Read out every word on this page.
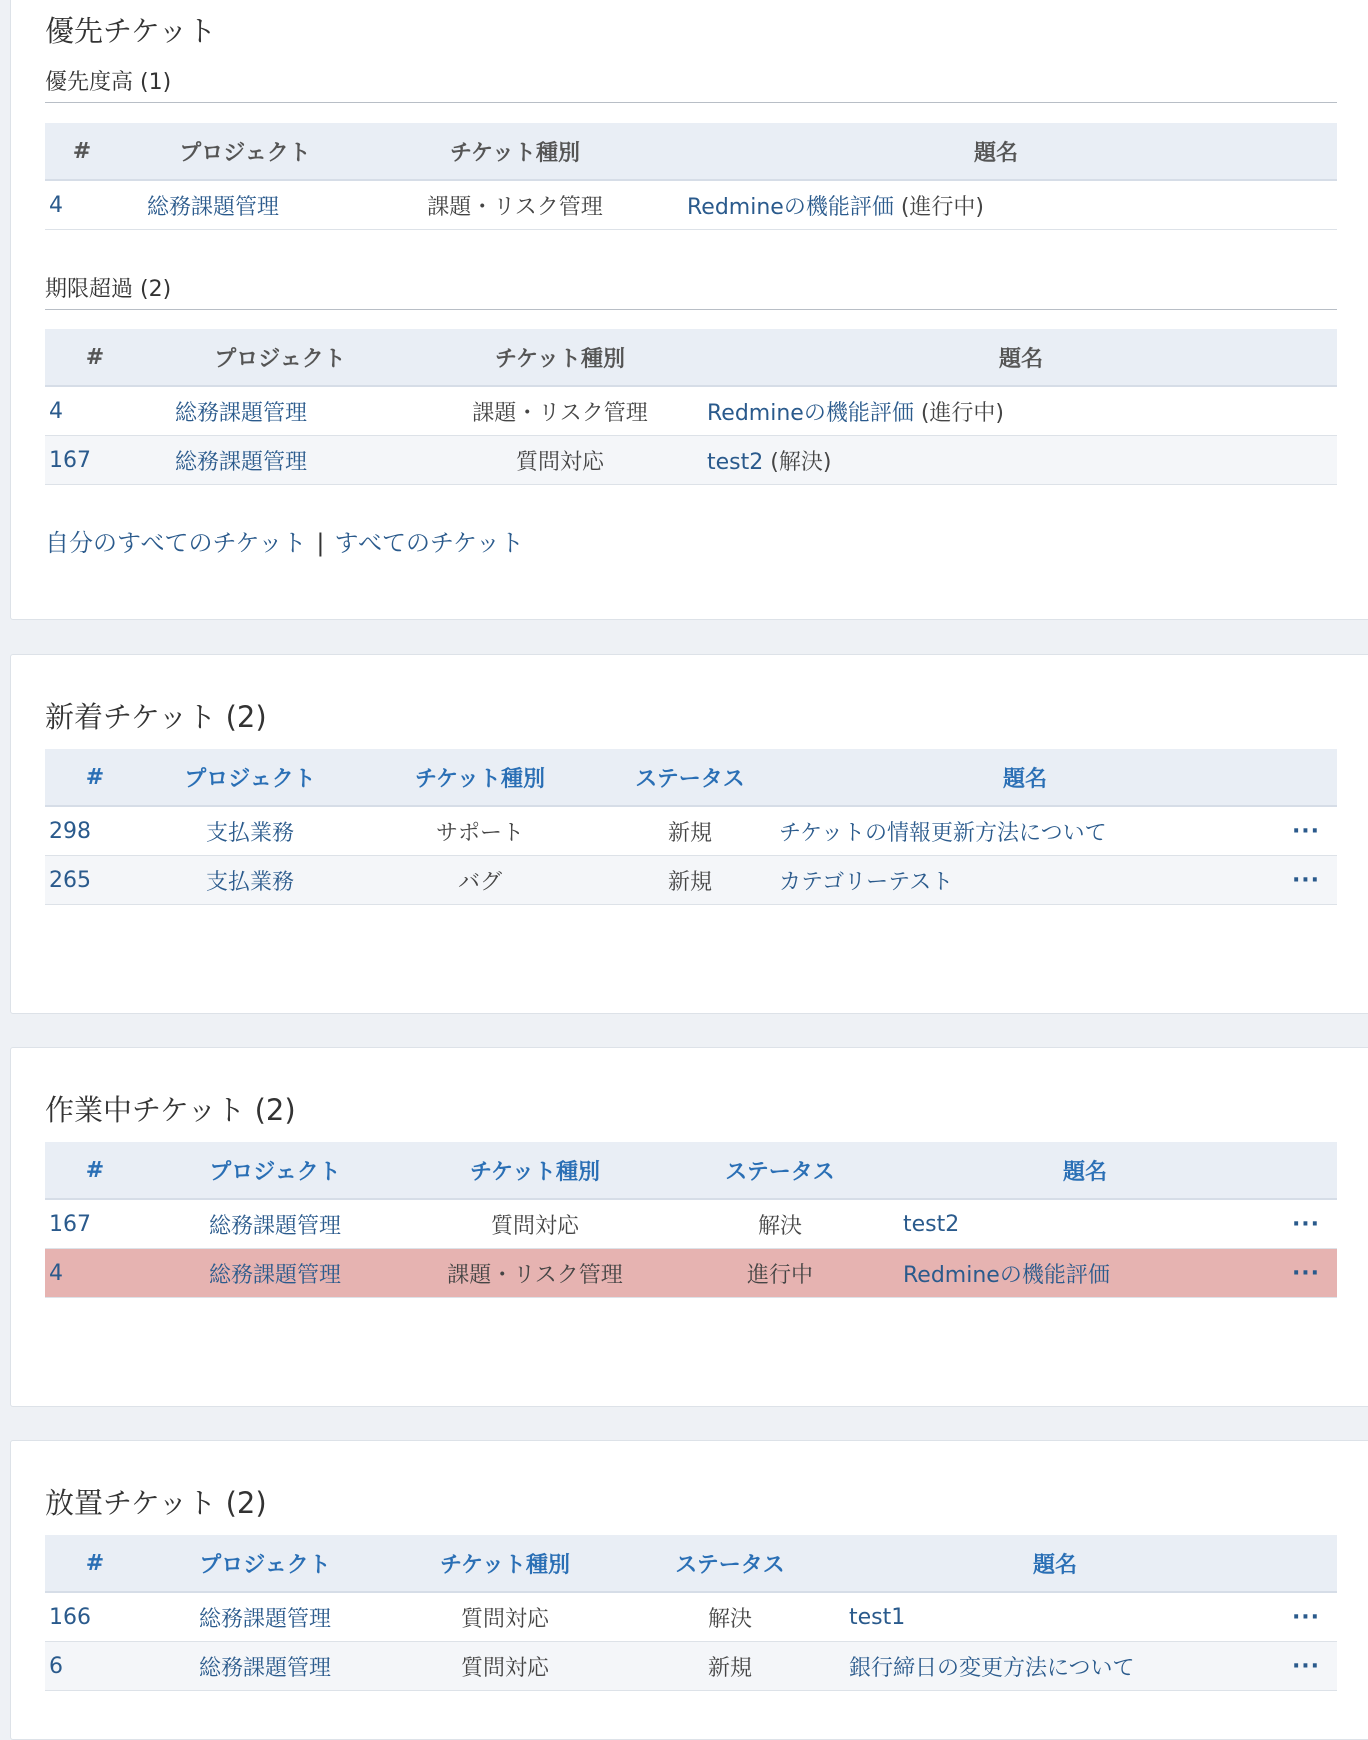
優先チケット
優先度高 (1)
#	プロジェクト	チケット種別	題名
4	総務課題管理	課題・リスク管理	Redmineの機能評価 (進行中)
期限超過 (2)
#	プロジェクト	チケット種別	題名
4	総務課題管理	課題・リスク管理	Redmineの機能評価 (進行中)
167	総務課題管理	質問対応	test2 (解決)
自分のすべてのチケット | すべてのチケット
新着チケット (2)
#	プロジェクト	チケット種別	ステータス	題名	
298	支払業務	サポート	新規	チケットの情報更新方法について	···
265	支払業務	バグ	新規	カテゴリーテスト	···
作業中チケット (2)
#	プロジェクト	チケット種別	ステータス	題名	
167	総務課題管理	質問対応	解決	test2	···
4	総務課題管理	課題・リスク管理	進行中	Redmineの機能評価	···
放置チケット (2)
#	プロジェクト	チケット種別	ステータス	題名	
166	総務課題管理	質問対応	解決	test1	···
6	総務課題管理	質問対応	新規	銀行締日の変更方法について	···
